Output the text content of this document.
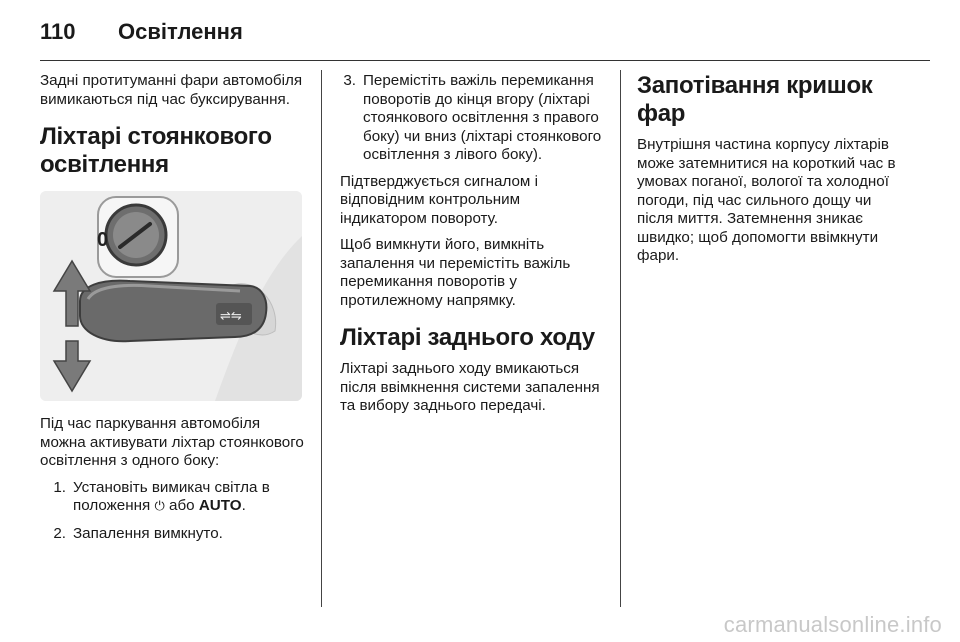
110	Освітлення

Задні протитуманні фари автомобіля вимикаються під час буксирування.

Ліхтарі стоянкового освітлення
0
⇌⇋

Під час паркування автомобіля можна активувати ліхтар стоянкового освітлення з одного боку:

1. Установіть вимикач світла в положення ⏻ або AUTO.
2. Запалення вимкнуто.
3. Перемістіть важіль перемикання поворотів до кінця вгору (ліхтарі стоянкового освітлення з правого боку) чи вниз (ліхтарі стоянкового освітлення з лівого боку).

Підтверджується сигналом і відповідним контрольним індикатором повороту.

Щоб вимкнути його, вимкніть запалення чи перемістіть важіль перемикання поворотів у протилежному напрямку.

Ліхтарі заднього ходу

Ліхтарі заднього ходу вмикаються після ввімкнення системи запалення та вибору заднього передачі.

Запотівання кришок фар

Внутрішня частина корпусу ліхтарів може затемнитися на короткий час в умовах поганої, вологої та холодної погоди, під час сильного дощу чи після миття. Затемнення зникає швидко; щоб допомогти ввімкнути фари.

carmanualsonline.info
